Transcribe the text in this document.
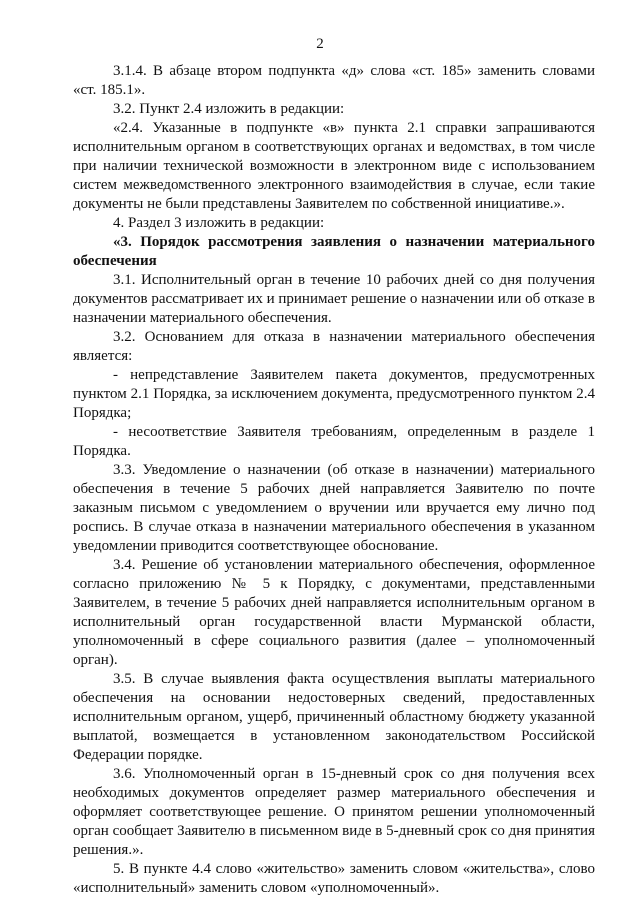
2

3.1.4. В абзаце втором подпункта «д» слова «ст. 185» заменить словами «ст. 185.1».

3.2. Пункт 2.4 изложить в редакции:

«2.4. Указанные в подпункте «в» пункта 2.1 справки запрашиваются исполнительным органом в соответствующих органах и ведомствах, в том числе при наличии технической возможности в электронном виде с использованием систем межведомственного электронного взаимодействия в случае, если такие документы не были представлены Заявителем по собственной инициативе.».

4. Раздел 3 изложить в редакции:

«3. Порядок рассмотрения заявления о назначении материального обеспечения

3.1. Исполнительный орган в течение 10 рабочих дней со дня получения документов рассматривает их и принимает решение о назначении или об отказе в назначении материального обеспечения.

3.2. Основанием для отказа в назначении материального обеспечения является:

- непредставление Заявителем пакета документов, предусмотренных пунктом 2.1 Порядка, за исключением документа, предусмотренного пунктом 2.4 Порядка;

- несоответствие Заявителя требованиям, определенным в разделе 1 Порядка.

3.3. Уведомление о назначении (об отказе в назначении) материального обеспечения в течение 5 рабочих дней направляется Заявителю по почте заказным письмом с уведомлением о вручении или вручается ему лично под роспись. В случае отказа в назначении материального обеспечения в указанном уведомлении приводится соответствующее обоснование.

3.4. Решение об установлении материального обеспечения, оформленное согласно приложению № 5 к Порядку, с документами, представленными Заявителем, в течение 5 рабочих дней направляется исполнительным органом в исполнительный орган государственной власти Мурманской области, уполномоченный в сфере социального развития (далее – уполномоченный орган).

3.5. В случае выявления факта осуществления выплаты материального обеспечения на основании недостоверных сведений, предоставленных исполнительным органом, ущерб, причиненный областному бюджету указанной выплатой, возмещается в установленном законодательством Российской Федерации порядке.

3.6. Уполномоченный орган в 15-дневный срок со дня получения всех необходимых документов определяет размер материального обеспечения и оформляет соответствующее решение. О принятом решении уполномоченный орган сообщает Заявителю в письменном виде в 5-дневный срок со дня принятия решения.».

5. В пункте 4.4 слово «жительство» заменить словом «жительства», слово «исполнительный» заменить словом «уполномоченный».
